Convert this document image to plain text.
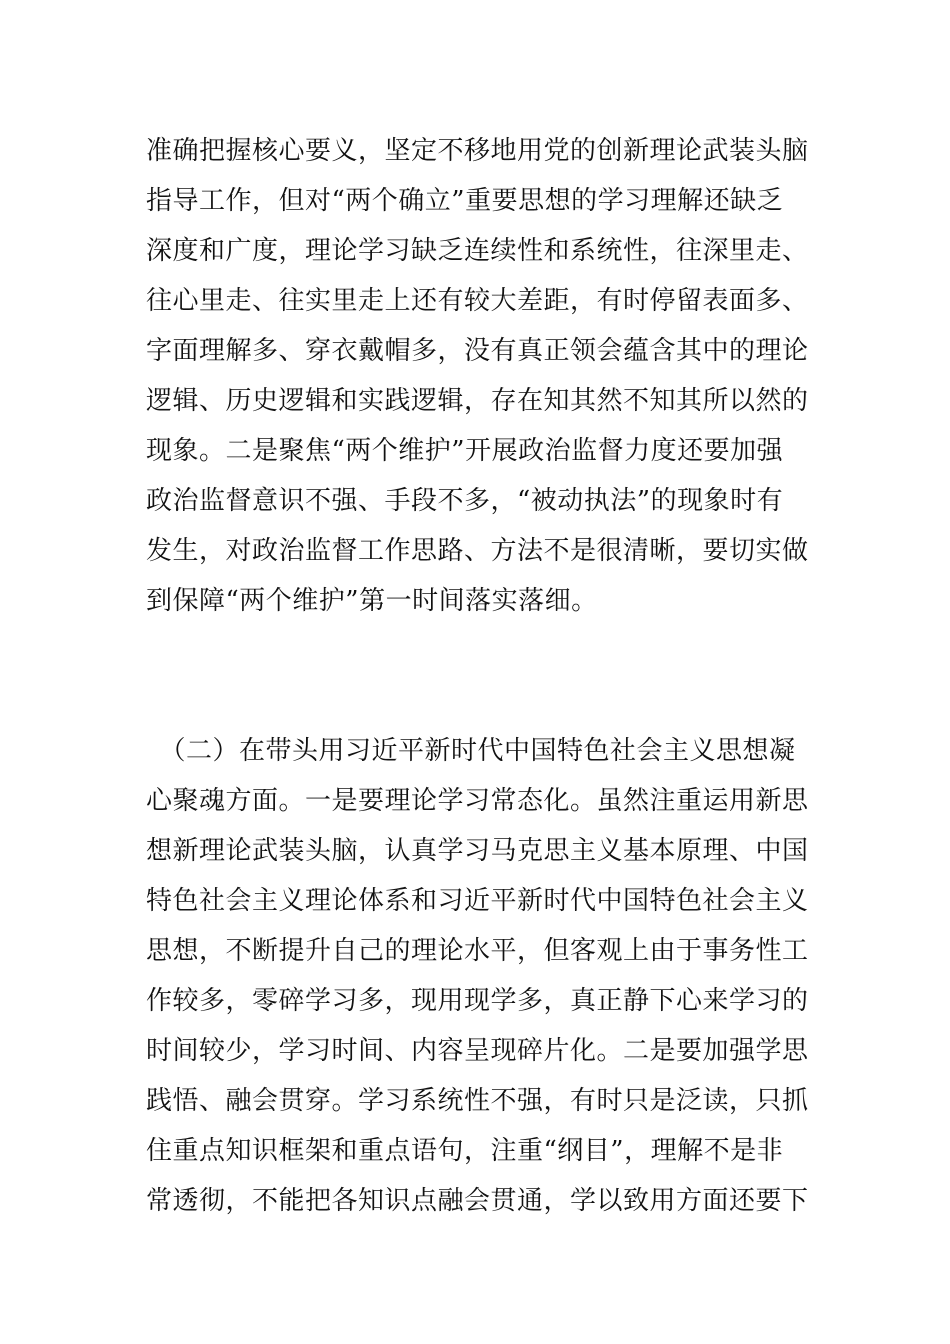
准确把握核心要义，坚定不移地用党的创新理论武装头脑
指导工作，但对“两个确立”重要思想的学习理解还缺乏
深度和广度，理论学习缺乏连续性和系统性，往深里走、
往心里走、往实里走上还有较大差距，有时停留表面多、
字面理解多、穿衣戴帽多，没有真正领会蕴含其中的理论
逻辑、历史逻辑和实践逻辑，存在知其然不知其所以然的
现象。二是聚焦“两个维护”开展政治监督力度还要加强
政治监督意识不强、手段不多，“被动执法”的现象时有
发生，对政治监督工作思路、方法不是很清晰，要切实做
到保障“两个维护”第一时间落实落细。
　（二）在带头用习近平新时代中国特色社会主义思想凝
心聚魂方面。一是要理论学习常态化。虽然注重运用新思
想新理论武装头脑，认真学习马克思主义基本原理、中国
特色社会主义理论体系和习近平新时代中国特色社会主义
思想，不断提升自己的理论水平，但客观上由于事务性工
作较多，零碎学习多，现用现学多，真正静下心来学习的
时间较少，学习时间、内容呈现碎片化。二是要加强学思
践悟、融会贯穿。学习系统性不强，有时只是泛读，只抓
住重点知识框架和重点语句，注重“纲目”，理解不是非
常透彻，不能把各知识点融会贯通，学以致用方面还要下
